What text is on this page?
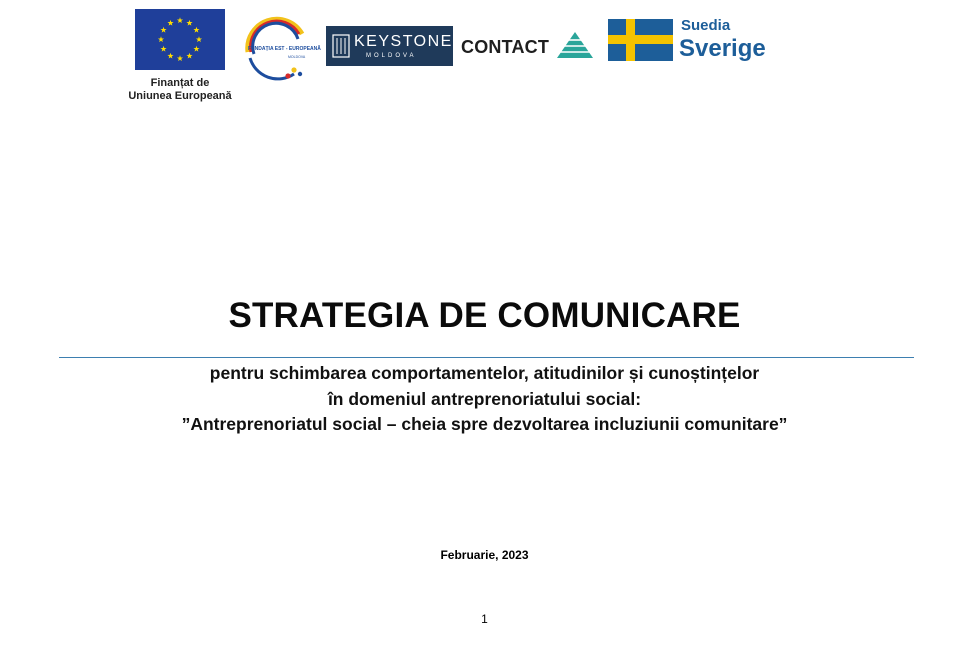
Finanțat de
Uniunea Europeană
FUNDAȚIA EST - EUROPEANĂ
MOLDOVA
KEYSTONE
MOLDOVA CONTACT
Suedia
Sverige
STRATEGIA DE COMUNICARE
pentru schimbarea comportamentelor, atitudinilor și cunoștințelor
în domeniul antreprenoriatului social:
”Antreprenoriatul social – cheia spre dezvoltarea incluziunii comunitare”
Februarie, 2023
1
